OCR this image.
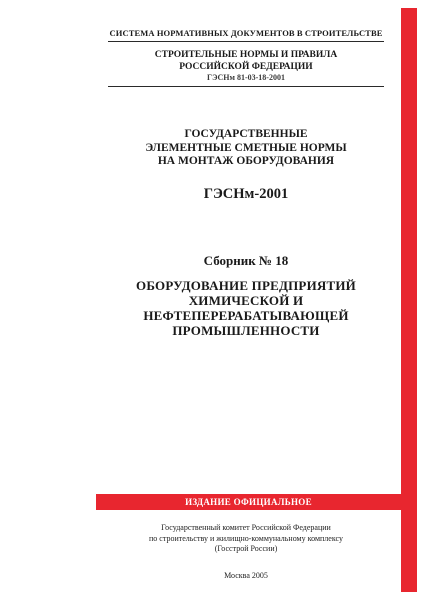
СИСТЕМА НОРМАТИВНЫХ ДОКУМЕНТОВ В СТРОИТЕЛЬСТВЕ
СТРОИТЕЛЬНЫЕ НОРМЫ И ПРАВИЛА
РОССИЙСКОЙ ФЕДЕРАЦИИ
ГЭСНм 81-03-18-2001
ГОСУДАРСТВЕННЫЕ
ЭЛЕМЕНТНЫЕ СМЕТНЫЕ НОРМЫ
НА МОНТАЖ ОБОРУДОВАНИЯ
ГЭСНм-2001
Сборник № 18
ОБОРУДОВАНИЕ ПРЕДПРИЯТИЙ
ХИМИЧЕСКОЙ И
НЕФТЕПЕРЕРАБАТЫВАЮЩЕЙ
ПРОМЫШЛЕННОСТИ
ИЗДАНИЕ ОФИЦИАЛЬНОЕ
Государственный комитет Российской Федерации
по строительству и жилищно-коммунальному комплексу
(Госстрой России)
Москва 2005
